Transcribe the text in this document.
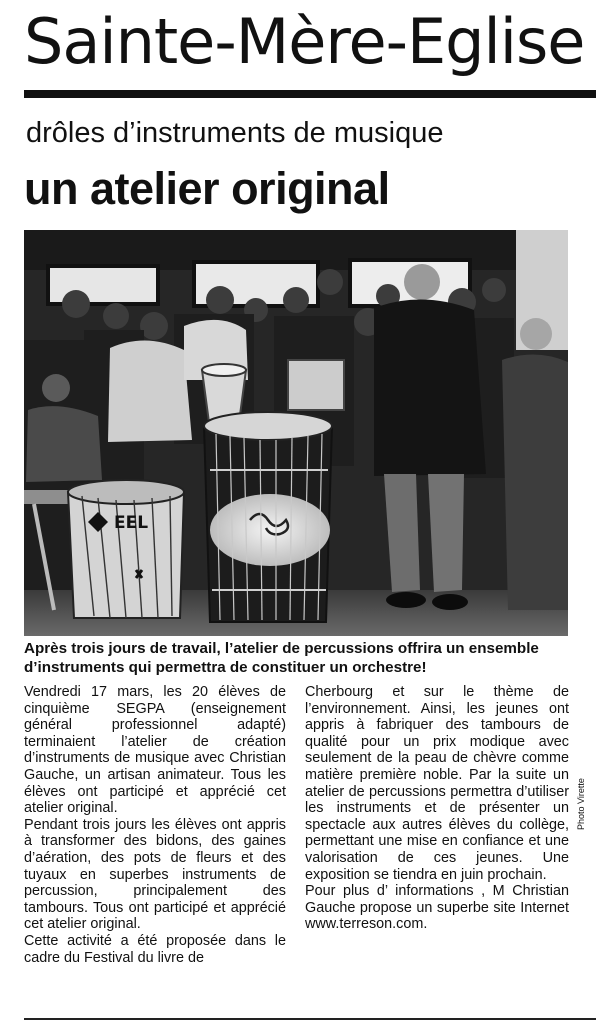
Sainte-Mère-Eglise
drôles d’instruments de musique
un atelier original
EEL
Photo Virette
Après trois jours de travail, l’atelier de percussions offrira un ensemble d’instruments qui permettra de constituer un orchestre!

Vendredi 17 mars, les 20 élèves de cinquième SEGPA (enseignement général professionnel adapté) terminaient l’atelier de création d’instruments de musique avec Christian Gauche, un artisan animateur. Tous les élèves ont participé et apprécié cet atelier original.

Pendant trois jours les élèves ont appris à transformer des bidons, des gaines d’aération, des pots de fleurs et des tuyaux en superbes instruments de percussion, principalement des tambours. Tous ont participé et apprécié cet atelier original.

Cette activité a été proposée dans le cadre du Festival du livre de

Cherbourg et sur le thème de l’environnement. Ainsi, les jeunes ont appris à fabriquer des tambours de qualité pour un prix modique avec seulement de la peau de chèvre comme matière première noble. Par la suite un atelier de percussions permettra d’utiliser les instruments et de présenter un spectacle aux autres élèves du collège, permettant une mise en confiance et une valorisation de ces jeunes. Une exposition se tiendra en juin prochain.

Pour plus d’ informations , M Christian Gauche propose un superbe site Internet www.terreson.com.
